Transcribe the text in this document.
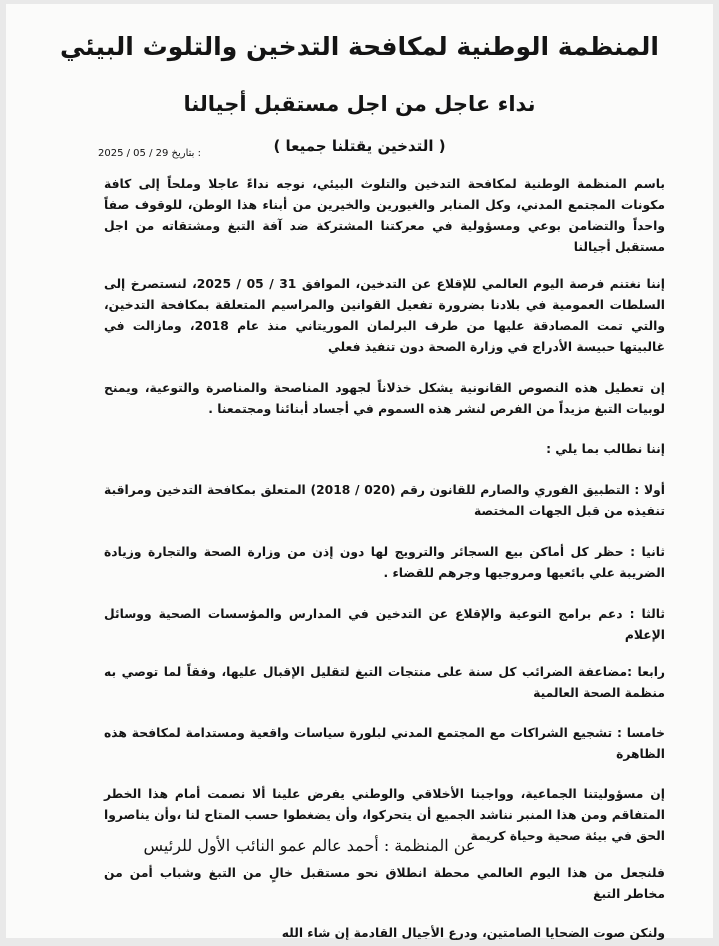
المنظمة الوطنية لمكافحة التدخين والتلوث البيئي
نداء عاجل من اجل مستقبل أجيالنا
( التدخين يقتلنا جميعا )
بتاريخ : 2025 / 05 / 29

باسم المنظمة الوطنية لمكافحة التدخين والتلوث البيئي، نوجه نداءً عاجلا وملحاً إلى كافة مكونات المجتمع المدني، وكل المنابر والغيورين والخيرين من أبناء هذا الوطن، للوقوف صفاً واحداً والتضامن بوعي ومسؤولية في معركتنا المشتركة ضد آفة التبغ ومشتقاته من اجل مستقبل أجيالنا

إننا نغتنم فرصة اليوم العالمي للإقلاع عن التدخين، الموافق 31 / 05 / 2025، لنستصرخ إلى السلطات العمومية في بلادنا بضرورة تفعيل القوانين والمراسيم المتعلقة بمكافحة التدخين، والتي تمت المصادقة عليها من طرف البرلمان الموريتاني منذ عام 2018، ومازالت في غالبيتها حبيسة الأدراج في وزارة الصحة دون تنفيذ فعلي

إن تعطيل هذه النصوص القانونية يشكل خذلاناً لجهود المناصحة والمناصرة والتوعية، ويمنح لوبيات التبغ مزيداً من الفرص لنشر هذه السموم في أجساد أبنائنا ومجتمعنا .

إننا نطالب بما يلي :

أولا : التطبيق الفوري والصارم للقانون رقم (020 / 2018) المتعلق بمكافحة التدخين ومراقبة تنفيذه من قبل الجهات المختصة

ثانيا : حظر كل أماكن بيع السجائر والترويج لها دون إذن من وزارة الصحة والتجارة وزيادة الضريبة علي بائعيها ومروجيها وجرهم للقضاء .

ثالثا : دعم برامج التوعية والإقلاع عن التدخين في المدارس والمؤسسات الصحية ووسائل الإعلام

رابعا :مضاعفة الضرائب كل سنة على منتجات التبغ لتقليل الإقبال عليها، وفقاً لما توصي به منظمة الصحة العالمية

خامسا : تشجيع الشراكات مع المجتمع المدني لبلورة سياسات واقعية ومستدامة لمكافحة هذه الظاهرة

إن مسؤوليتنا الجماعية، وواجبنا الأخلاقي والوطني يفرض علينا ألا نصمت أمام هذا الخطر المتفاقم ومن هذا المنبر نناشد الجميع أن يتحركوا، وأن يضغطوا حسب المتاح لنا ،وأن يناصروا الحق في بيئة صحية وحياة كريمة

فلنجعل من هذا اليوم العالمي محطة انطلاق نحو مستقبل خالٍ من التبغ وشباب أمن من مخاطر التبغ

ولنكن صوت الضحايا الصامتين، ودرع الأجيال القادمة إن شاء الله

عن المنظمة : أحمد عالم عمو النائب الأول للرئيس
